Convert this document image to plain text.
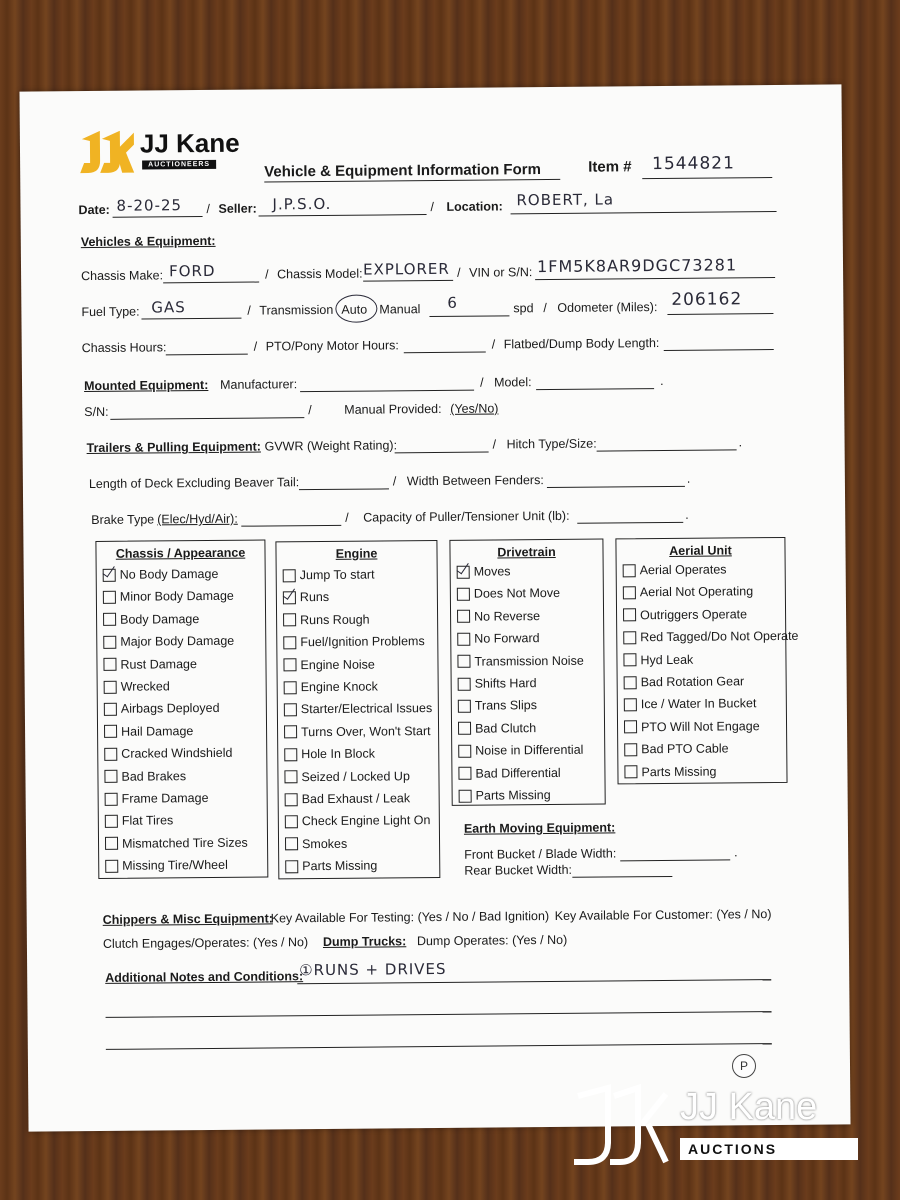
JJ Kane
AUCTIONEERS	Vehicle & Equipment Information Form	Item # 1544821
Date: 8-20-25 / Seller: J.P.S.O.	/ Location: ROBERT, La
Vehicles & Equipment:
Chassis Make: FORD	/ Chassis Model: EXPLORER / VIN or S/N: 1FM5K8AR9DGC73281
Fuel Type: GAS	/ Transmission Auto Manual 6	spd / Odometer (Miles): 206162
Chassis Hours:	/ PTO/Pony Motor Hours:	/ Flatbed/Dump Body Length:
Mounted Equipment: Manufacturer:	/ Model:	.
S/N:	/	Manual Provided: (Yes/No)
Trailers & Pulling Equipment: GVWR (Weight Rating):	/ Hitch Type/Size:	.
Length of Deck Excluding Beaver Tail:	/ Width Between Fenders:	.
Brake Type (Elec/Hyd/Air):	/ Capacity of Puller/Tensioner Unit (lb):	.
Chassis / Appearance
No Body Damage
Minor Body Damage
Body Damage
Major Body Damage
Rust Damage
Wrecked
Airbags Deployed
Hail Damage
Cracked Windshield
Bad Brakes
Frame Damage
Flat Tires
Mismatched Tire Sizes
Missing Tire/Wheel
Engine
Jump To start
Runs
Runs Rough
Fuel/Ignition Problems
Engine Noise
Engine Knock
Starter/Electrical Issues
Turns Over, Won't Start
Hole In Block
Seized / Locked Up
Bad Exhaust / Leak
Check Engine Light On
Smokes
Parts Missing
Drivetrain
Moves
Does Not Move
No Reverse
No Forward
Transmission Noise
Shifts Hard
Trans Slips
Bad Clutch
Noise in Differential
Bad Differential
Parts Missing
Aerial Unit
Aerial Operates
Aerial Not Operating
Outriggers Operate
Red Tagged/Do Not Operate
Hyd Leak
Bad Rotation Gear
Ice / Water In Bucket
PTO Will Not Engage
Bad PTO Cable
Parts Missing
Earth Moving Equipment:
Front Bucket / Blade Width:	.
Rear Bucket Width:
Chippers & Misc Equipment:
Key Available For Testing: (Yes / No / Bad Ignition) Key Available For Customer: (Yes / No)
Clutch Engages/Operates: (Yes / No) Dump Trucks: Dump Operates: (Yes / No)
Additional Notes and Conditions:
①RUNS + DRIVES
JJ Kane
AUCTIONS
P
